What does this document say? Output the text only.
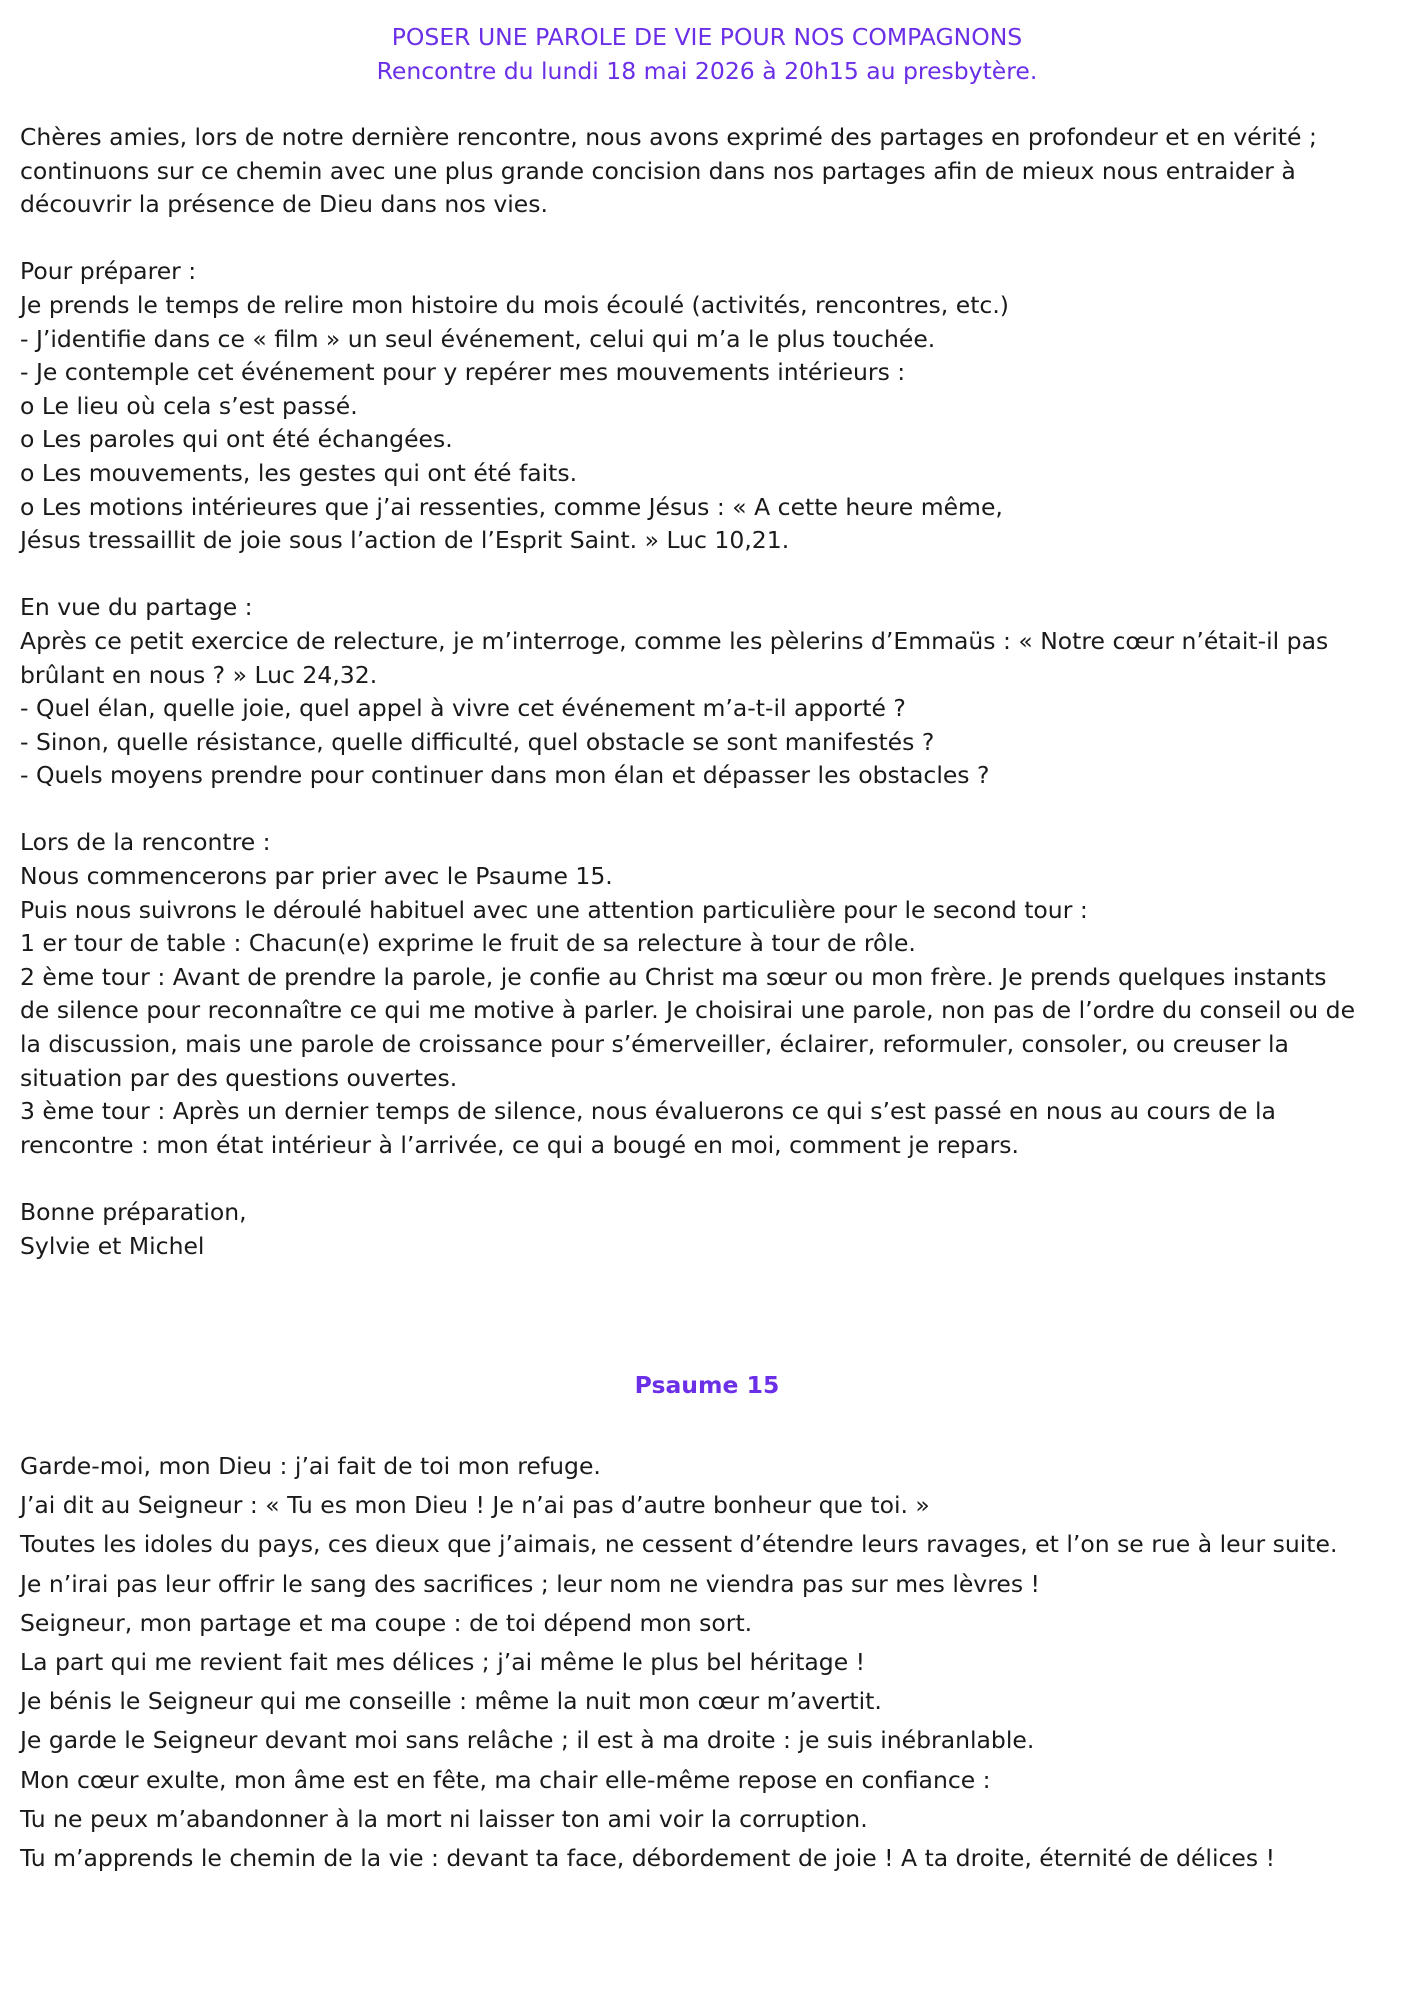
POSER UNE PAROLE DE VIE POUR NOS COMPAGNONS
Rencontre du lundi 18 mai 2026 à 20h15 au presbytère.

Chères amies, lors de notre dernière rencontre, nous avons exprimé des partages en profondeur et en vérité ;

continuons sur ce chemin avec une plus grande concision dans nos partages afin de mieux nous entraider à

découvrir la présence de Dieu dans nos vies.

Pour préparer :

Je prends le temps de relire mon histoire du mois écoulé (activités, rencontres, etc.)

- J’identifie dans ce « film » un seul événement, celui qui m’a le plus touchée.

- Je contemple cet événement pour y repérer mes mouvements intérieurs :

o Le lieu où cela s’est passé.

o Les paroles qui ont été échangées.

o Les mouvements, les gestes qui ont été faits.

o Les motions intérieures que j’ai ressenties, comme Jésus : « A cette heure même,

Jésus tressaillit de joie sous l’action de l’Esprit Saint. » Luc 10,21.

En vue du partage :

Après ce petit exercice de relecture, je m’interroge, comme les pèlerins d’Emmaüs : « Notre cœur n’était-il pas

brûlant en nous ? » Luc 24,32.

- Quel élan, quelle joie, quel appel à vivre cet événement m’a-t-il apporté ?

- Sinon, quelle résistance, quelle difficulté, quel obstacle se sont manifestés ?

- Quels moyens prendre pour continuer dans mon élan et dépasser les obstacles ?

Lors de la rencontre :

Nous commencerons par prier avec le Psaume 15.

Puis nous suivrons le déroulé habituel avec une attention particulière pour le second tour :

1 er tour de table : Chacun(e) exprime le fruit de sa relecture à tour de rôle.

2 ème tour : Avant de prendre la parole, je confie au Christ ma sœur ou mon frère. Je prends quelques instants

de silence pour reconnaître ce qui me motive à parler. Je choisirai une parole, non pas de l’ordre du conseil ou de

la discussion, mais une parole de croissance pour s’émerveiller, éclairer, reformuler, consoler, ou creuser la

situation par des questions ouvertes.

3 ème tour : Après un dernier temps de silence, nous évaluerons ce qui s’est passé en nous au cours de la

rencontre : mon état intérieur à l’arrivée, ce qui a bougé en moi, comment je repars.

Bonne préparation,

Sylvie et Michel

Psaume 15

Garde-moi, mon Dieu : j’ai fait de toi mon refuge.

J’ai dit au Seigneur : « Tu es mon Dieu ! Je n’ai pas d’autre bonheur que toi. »

Toutes les idoles du pays, ces dieux que j’aimais, ne cessent d’étendre leurs ravages, et l’on se rue à leur suite.

Je n’irai pas leur offrir le sang des sacrifices ; leur nom ne viendra pas sur mes lèvres !

Seigneur, mon partage et ma coupe : de toi dépend mon sort.

La part qui me revient fait mes délices ; j’ai même le plus bel héritage !

Je bénis le Seigneur qui me conseille : même la nuit mon cœur m’avertit.

Je garde le Seigneur devant moi sans relâche ; il est à ma droite : je suis inébranlable.

Mon cœur exulte, mon âme est en fête, ma chair elle-même repose en confiance :

Tu ne peux m’abandonner à la mort ni laisser ton ami voir la corruption.

Tu m’apprends le chemin de la vie : devant ta face, débordement de joie ! A ta droite, éternité de délices !
